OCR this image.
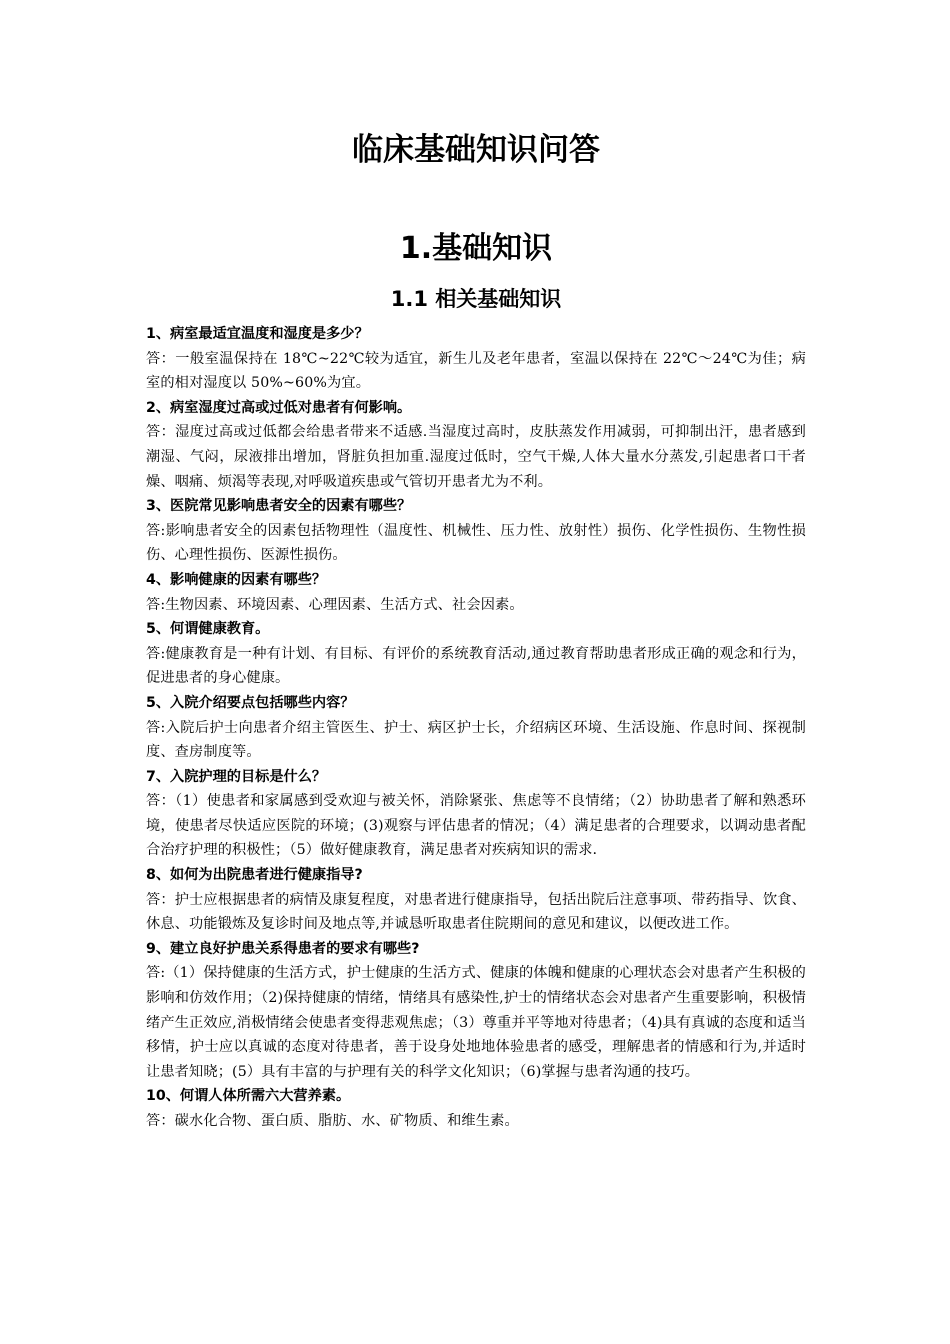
临床基础知识问答
1.基础知识
1.1 相关基础知识

1、病室最适宜温度和湿度是多少？

答：一般室温保持在 18℃~22℃较为适宜，新生儿及老年患者，室温以保持在 22℃～24℃为佳；病室的相对湿度以 50%~60%为宜。

2、病室湿度过高或过低对患者有何影响。

答：湿度过高或过低都会给患者带来不适感.当湿度过高时，皮肤蒸发作用减弱，可抑制出汗，患者感到潮湿、气闷，尿液排出增加，肾脏负担加重.湿度过低时，空气干燥,人体大量水分蒸发,引起患者口干者燥、咽痛、烦渴等表现,对呼吸道疾患或气管切开患者尤为不利。

3、医院常见影响患者安全的因素有哪些？

答:影响患者安全的因素包括物理性（温度性、机械性、压力性、放射性）损伤、化学性损伤、生物性损伤、心理性损伤、医源性损伤。

4、影响健康的因素有哪些？

答:生物因素、环境因素、心理因素、生活方式、社会因素。

5、何谓健康教育。

答:健康教育是一种有计划、有目标、有评价的系统教育活动,通过教育帮助患者形成正确的观念和行为，促进患者的身心健康。

5、入院介绍要点包括哪些内容？

答:入院后护士向患者介绍主管医生、护士、病区护士长，介绍病区环境、生活设施、作息时间、探视制度、查房制度等。

7、入院护理的目标是什么？

答：（1）使患者和家属感到受欢迎与被关怀，消除紧张、焦虑等不良情绪；（2）协助患者了解和熟悉环境，使患者尽快适应医院的环境；(3)观察与评估患者的情况；（4）满足患者的合理要求，以调动患者配合治疗护理的积极性；（5）做好健康教育，满足患者对疾病知识的需求.

8、如何为出院患者进行健康指导?

答：护士应根据患者的病情及康复程度，对患者进行健康指导，包括出院后注意事项、带药指导、饮食、休息、功能锻炼及复诊时间及地点等,并诚恳听取患者住院期间的意见和建议，以便改进工作。

9、建立良好护患关系得患者的要求有哪些?

答:（1）保持健康的生活方式，护士健康的生活方式、健康的体魄和健康的心理状态会对患者产生积极的影响和仿效作用；（2)保持健康的情绪，情绪具有感染性,护士的情绪状态会对患者产生重要影响，积极情绪产生正效应,消极情绪会使患者变得悲观焦虑；（3）尊重并平等地对待患者；（4)具有真诚的态度和适当移情，护士应以真诚的态度对待患者，善于设身处地地体验患者的感受，理解患者的情感和行为,并适时让患者知晓；(5）具有丰富的与护理有关的科学文化知识；（6)掌握与患者沟通的技巧。

10、何谓人体所需六大营养素。

答：碳水化合物、蛋白质、脂肪、水、矿物质、和维生素。
